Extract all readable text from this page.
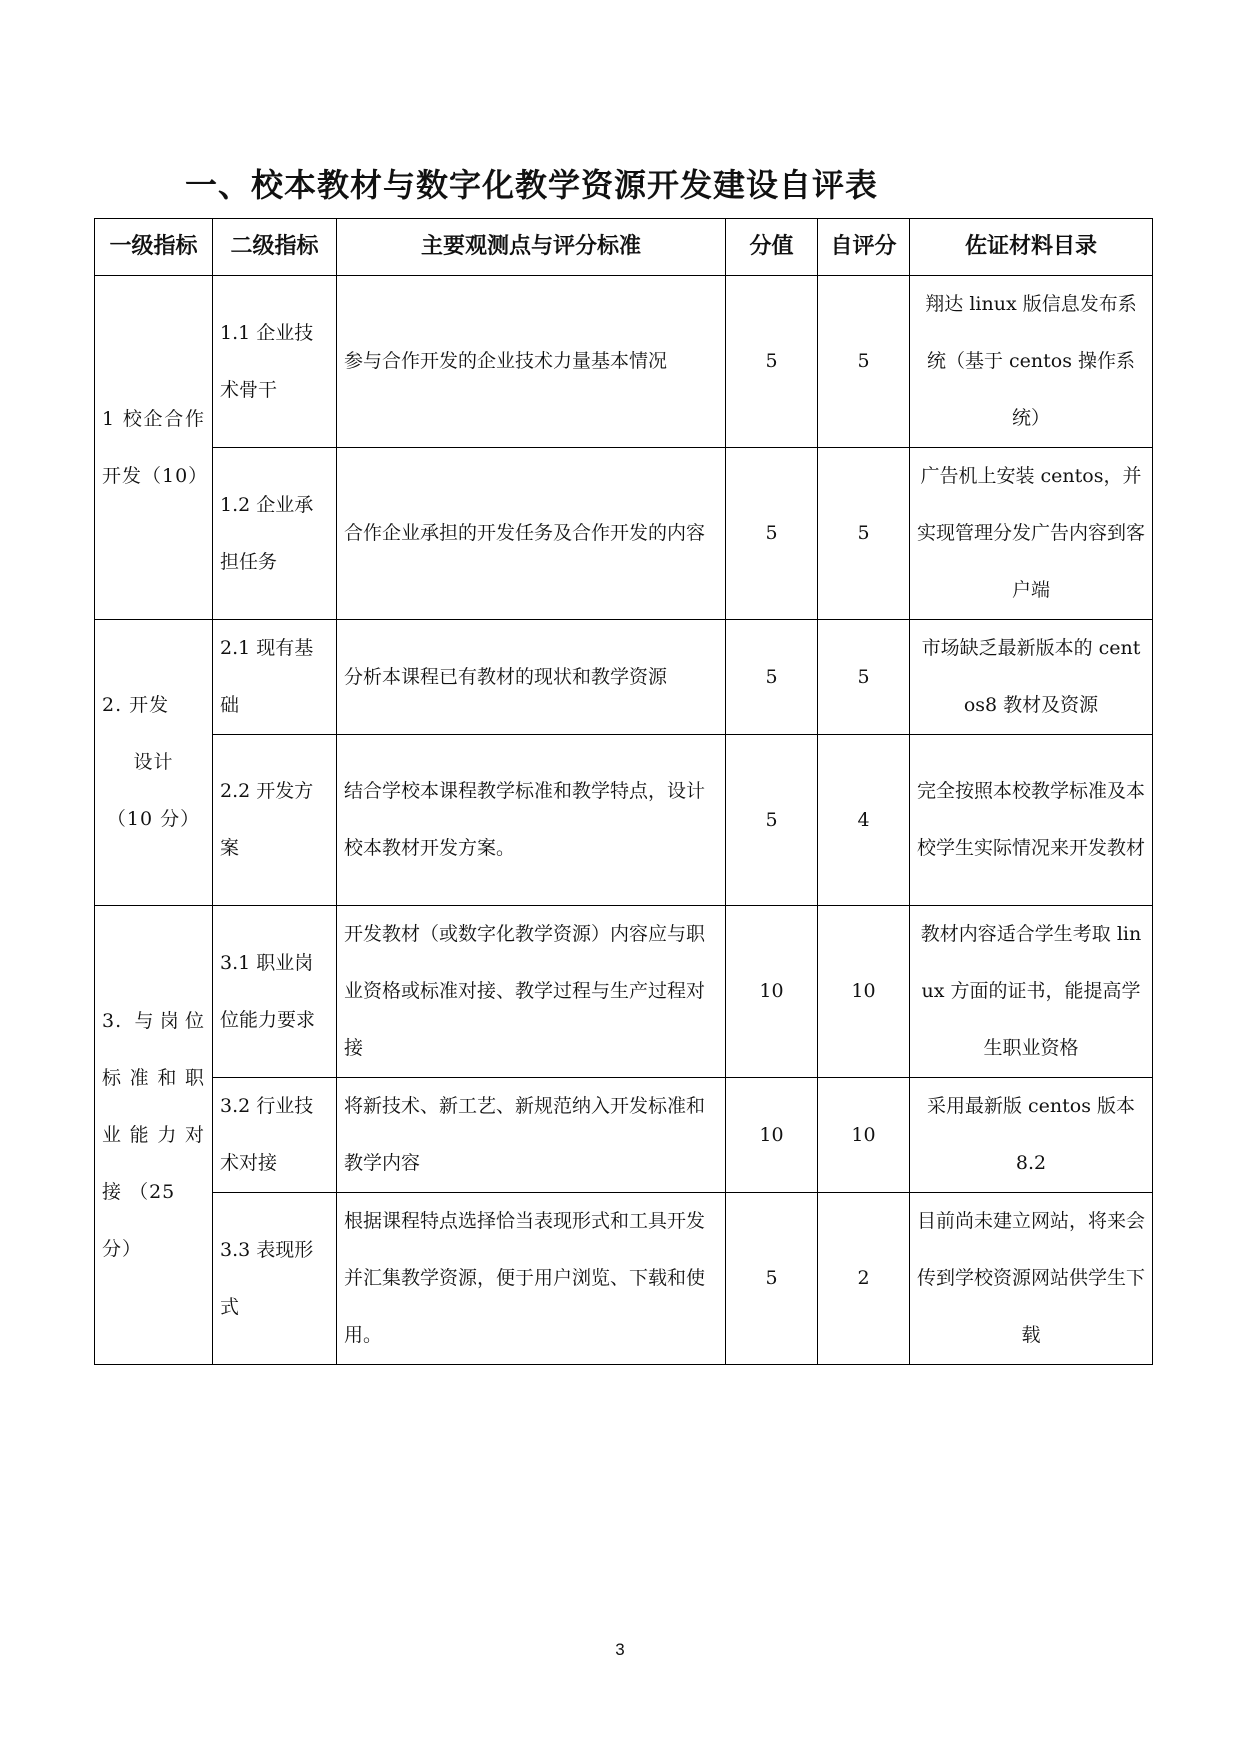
一、校本教材与数字化教学资源开发建设自评表
一级指标	二级指标	主要观测点与评分标准	分值	自评分	佐证材料目录

1 校企合作
开发（10）	1.1 企业技术骨干	参与合作开发的企业技术力量基本情况	5	5	翔达 linux 版信息发布系统（基于 centos 操作系统）
	1.2 企业承担任务	合作企业承担的开发任务及合作开发的内容	5	5	广告机上安装 centos，并实现管理分发广告内容到客户端
2. 开发
设计
（10 分）	2.1 现有基础	分析本课程已有教材的现状和教学资源	5	5	市场缺乏最新版本的 centos8 教材及资源
	2.2 开发方案	结合学校本课程教学标准和教学特点，设计校本教材开发方案。	5	4	完全按照本校教学标准及本校学生实际情况来开发教材

3. 与岗位
标准和职
业能力对
接 （25 分）	3.1 职业岗位能力要求	开发教材（或数字化教学资源）内容应与职业资格或标准对接、教学过程与生产过程对接	10	10	教材内容适合学生考取 linux 方面的证书，能提高学生职业资格
	3.2 行业技术对接	将新技术、新工艺、新规范纳入开发标准和教学内容	10	10	采用最新版 centos 版本 8.2
	3.3 表现形式	根据课程特点选择恰当表现形式和工具开发并汇集教学资源，便于用户浏览、下载和使用。	5	2	目前尚未建立网站，将来会传到学校资源网站供学生下载
3
